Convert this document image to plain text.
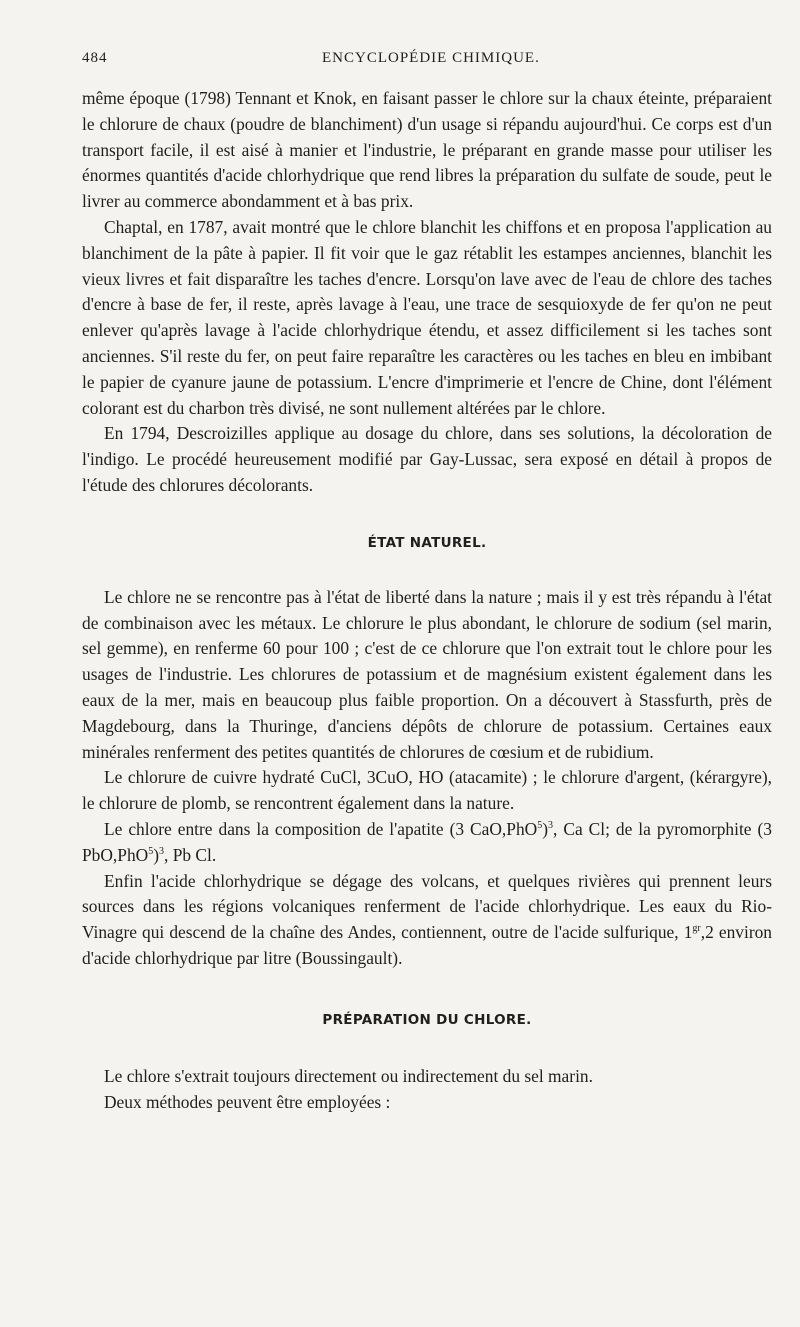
484	ENCYCLOPÉDIE CHIMIQUE.

même époque (1798) Tennant et Knok, en faisant passer le chlore sur la chaux éteinte, préparaient le chlorure de chaux (poudre de blanchiment) d'un usage si répandu aujourd'hui. Ce corps est d'un transport facile, il est aisé à manier et l'industrie, le préparant en grande masse pour utiliser les énormes quantités d'acide chlorhydrique que rend libres la préparation du sulfate de soude, peut le livrer au commerce abondamment et à bas prix.

Chaptal, en 1787, avait montré que le chlore blanchit les chiffons et en proposa l'application au blanchiment de la pâte à papier. Il fit voir que le gaz rétablit les estampes anciennes, blanchit les vieux livres et fait disparaître les taches d'encre. Lorsqu'on lave avec de l'eau de chlore des taches d'encre à base de fer, il reste, après lavage à l'eau, une trace de sesquioxyde de fer qu'on ne peut enlever qu'après lavage à l'acide chlorhydrique étendu, et assez difficilement si les taches sont anciennes. S'il reste du fer, on peut faire reparaître les caractères ou les taches en bleu en imbibant le papier de cyanure jaune de potassium. L'encre d'imprimerie et l'encre de Chine, dont l'élément colorant est du charbon très divisé, ne sont nullement altérées par le chlore.

En 1794, Descroizilles applique au dosage du chlore, dans ses solutions, la décoloration de l'indigo. Le procédé heureusement modifié par Gay-Lussac, sera exposé en détail à propos de l'étude des chlorures décolorants.

ÉTAT NATUREL.

Le chlore ne se rencontre pas à l'état de liberté dans la nature ; mais il y est très répandu à l'état de combinaison avec les métaux. Le chlorure le plus abondant, le chlorure de sodium (sel marin, sel gemme), en renferme 60 pour 100 ; c'est de ce chlorure que l'on extrait tout le chlore pour les usages de l'industrie. Les chlorures de potassium et de magnésium existent également dans les eaux de la mer, mais en beaucoup plus faible proportion. On a découvert à Stassfurth, près de Magdebourg, dans la Thuringe, d'anciens dépôts de chlorure de potassium. Certaines eaux minérales renferment des petites quantités de chlorures de cœsium et de rubidium.

Le chlorure de cuivre hydraté CuCl, 3CuO, HO (atacamite) ; le chlorure d'argent, (kérargyre), le chlorure de plomb, se rencontrent également dans la nature.

Le chlore entre dans la composition de l'apatite (3 CaO,PhO$^5$)$^3$, Ca Cl; de la pyromorphite (3 PbO,PhO$^5$)$^3$, Pb Cl.

Enfin l'acide chlorhydrique se dégage des volcans, et quelques rivières qui prennent leurs sources dans les régions volcaniques renferment de l'acide chlorhydrique. Les eaux du Rio-Vinagre qui descend de la chaîne des Andes, contiennent, outre de l'acide sulfurique, $1^{gr},2$ environ d'acide chlorhydrique par litre (Boussingault).

PRÉPARATION DU CHLORE.

Le chlore s'extrait toujours directement ou indirectement du sel marin.

Deux méthodes peuvent être employées :
